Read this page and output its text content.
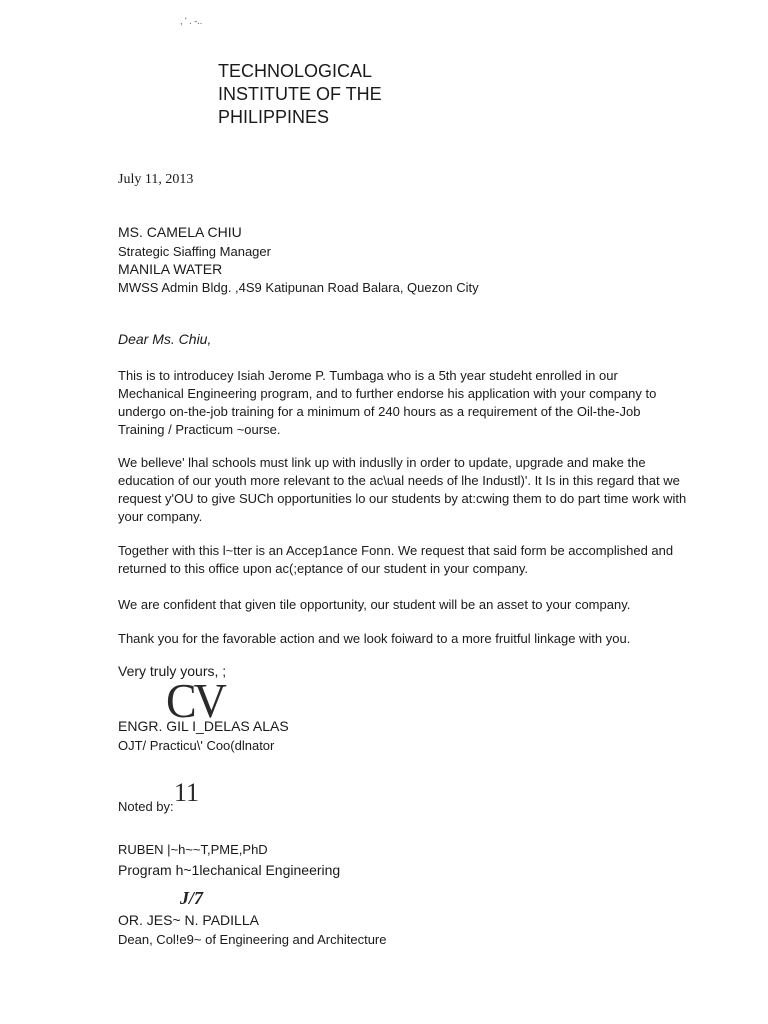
, ' . -..
TECHNOLOGICAL
INSTITUTE OF THE
PHILIPPINES
July 11, 2013
MS. CAMELA CHIU
Strategic Siaffing Manager
MANILA WATER
MWSS Admin Bldg. ,4S9 Katipunan Road Balara, Quezon City
Dear Ms. Chiu,
This is to introducey Isiah Jerome P. Tumbaga who is a 5th year studeht enrolled in our
Mechanical Engineering program, and to further endorse his application with your company to
undergo on-the-job training for a minimum of 240 hours as a requirement of the Oil-the-Job
Training / Practicum ~ourse.
We belleve' lhal schools must link up with induslly in order to update, upgrade and make the
education of our youth more relevant to the ac\ual needs of lhe Industl)'. It Is in this regard that we
request y'OU to give SUCh opportunities lo our students by at:cwing them to do part time work with
your company.
Together with this l~tter is an Accep1ance Fonn. We request that said form be accomplished and
returned to this office upon ac(;eptance of our student in your company.
We are confident that given tile opportunity, our student will be an asset to your company.
Thank you for the favorable action and we look foiward to a more fruitful linkage with you.
Very truly yours, ;
CV
ENGR. GIL I_DELAS ALAS
OJT/ Practicu\' Coo(dlnator
11
Noted by:
RUBEN |~h~~T,PME,PhD
Program h~1lechanical Engineering
J/7
OR. JES~ N. PADILLA
Dean, Col!e9~ of Engineering and Architecture
